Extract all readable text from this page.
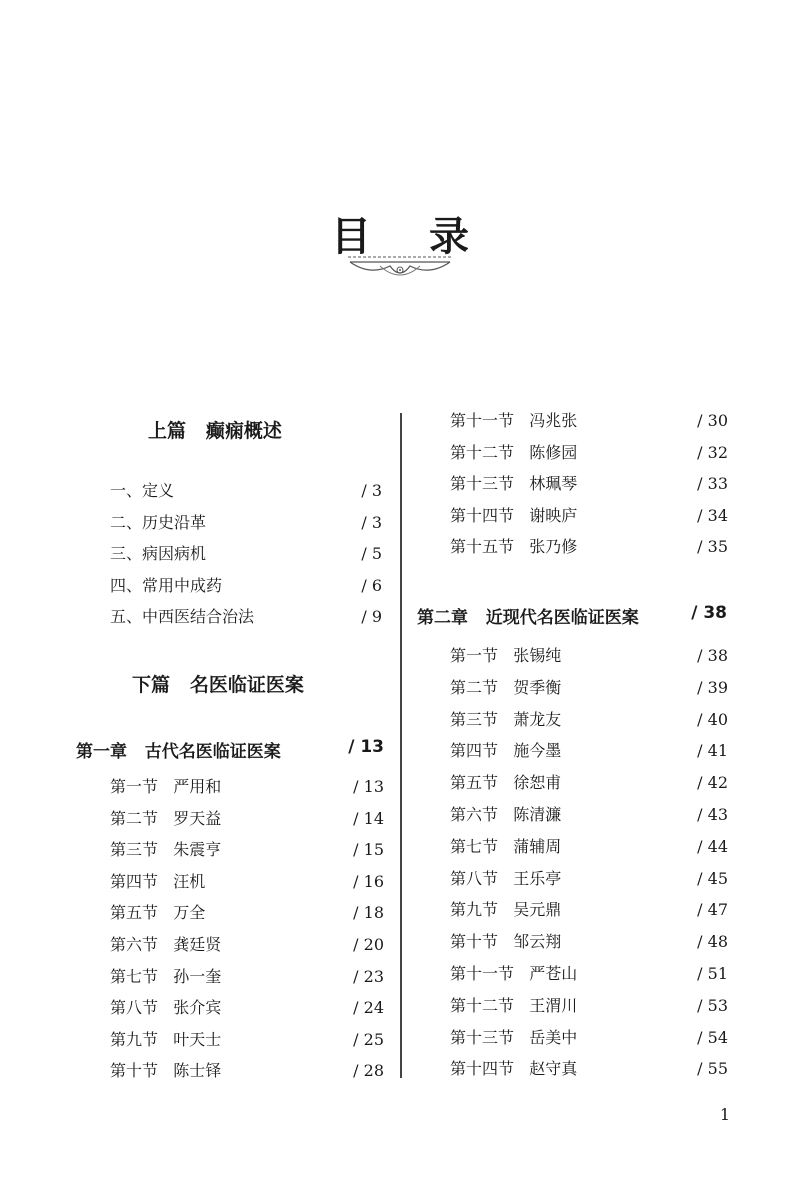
目 录
上篇   癫痫概述
一、定义	/ 3
二、历史沿革	/ 3
三、病因病机	/ 5
四、常用中成药	/ 6
五、中西医结合治法	/ 9
下篇   名医临证医案
第一章   古代名医临证医案	/ 13
第一节   严用和	/ 13
第二节   罗天益	/ 14
第三节   朱震亨	/ 15
第四节   汪机	/ 16
第五节   万全	/ 18
第六节   龚廷贤	/ 20
第七节   孙一奎	/ 23
第八节   张介宾	/ 24
第九节   叶天士	/ 25
第十节   陈士铎	/ 28
第十一节   冯兆张	/ 30
第十二节   陈修园	/ 32
第十三节   林珮琴	/ 33
第十四节   谢映庐	/ 34
第十五节   张乃修	/ 35
第二章   近现代名医临证医案	/ 38
第一节   张锡纯	/ 38
第二节   贺季衡	/ 39
第三节   萧龙友	/ 40
第四节   施今墨	/ 41
第五节   徐恕甫	/ 42
第六节   陈清濂	/ 43
第七节   蒲辅周	/ 44
第八节   王乐亭	/ 45
第九节   吴元鼎	/ 47
第十节   邹云翔	/ 48
第十一节   严苍山	/ 51
第十二节   王渭川	/ 53
第十三节   岳美中	/ 54
第十四节   赵守真	/ 55
1
